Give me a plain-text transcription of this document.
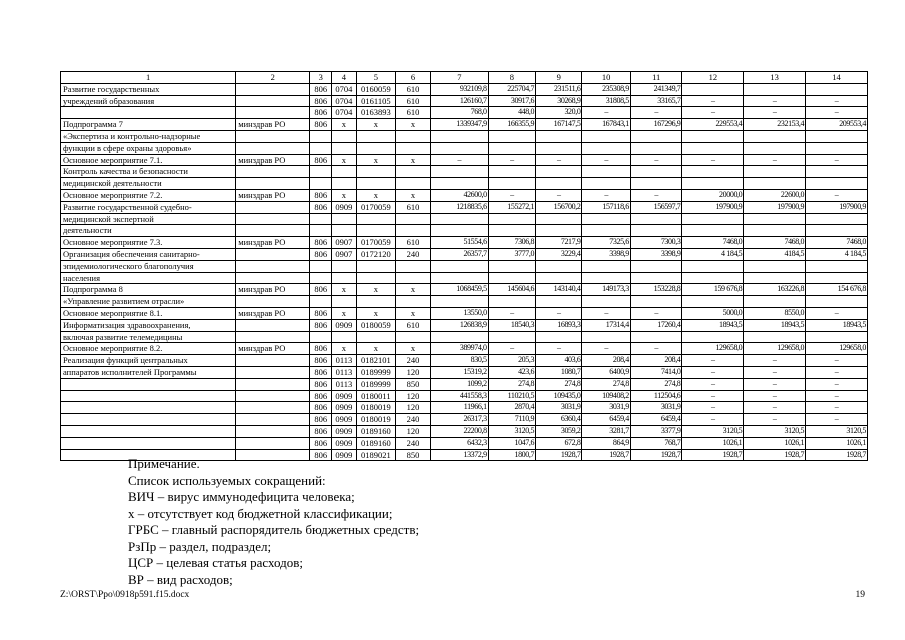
1	2	3	4	5	6	7	8	9	10	11	12	13	14
Развитие государственных		806	0704	0160059	610	932109,8	225704,7	231511,6	235308,9	241349,7			
учреждений образования		806	0704	0161105	610	126160,7	30917,6	30268,9	31808,5	33165,7	–	–	–
		806	0704	0163893	610	768,0	448,0	320,0	–	–	–	–	–
Подпрограмма 7	минздрав РО	806	х	х	х	1339347,9	166355,9	167147,5	167843,1	167296,9	229553,4	232153,4	209553,4
«Экспертиза и контрольно-надзорные													
функции в сфере охраны здоровья»													
Основное мероприятие 7.1.	минздрав РО	806	х	х	х	–	–	–	–	–	–	–	–
Контроль качества и безопасности													
медицинской деятельности													
Основное мероприятие 7.2.	минздрав РО	806	х	х	х	42600,0	–	–	–	–	20000,0	22600,0	–
Развитие государственной судебно-		806	0909	0170059	610	1218835,6	155272,1	156700,2	157118,6	156597,7	197900,9	197900,9	197900,9
медицинской экспертной													
деятельности													
Основное мероприятие 7.3.	минздрав РО	806	0907	0170059	610	51554,6	7306,8	7217,9	7325,6	7300,3	7468,0	7468,0	7468,0
Организация обеспечения санитарно-		806	0907	0172120	240	26357,7	3777,0	3229,4	3398,9	3398,9	4 184,5	4184,5	4 184,5
эпидемиологического благополучия													
населения													
Подпрограмма 8	минздрав РО	806	х	х	х	1068459,5	145604,6	143140,4	149173,3	153228,8	159 676,8	163226,8	154 676,8
«Управление развитием отрасли»													
Основное мероприятие 8.1.	минздрав РО	806	х	х	х	13550,0	–	–	–	–	5000,0	8550,0	–
Информатизация здравоохранения,		806	0909	0180059	610	126838,9	18540,3	16893,3	17314,4	17260,4	18943,5	18943,5	18943,5
включая развитие телемедицины													
Основное мероприятие 8.2.	минздрав РО	806	х	х	х	389974,0	–	–	–	–	129658,0	129658,0	129658,0
Реализация функций центральных		806	0113	0182101	240	830,5	205,3	403,6	208,4	208,4	–	–	–
аппаратов исполнителей Программы		806	0113	0189999	120	15319,2	423,6	1080,7	6400,9	7414,0	–	–	–
		806	0113	0189999	850	1099,2	274,8	274,8	274,8	274,8	–	–	–
		806	0909	0180011	120	441558,3	110210,5	109435,0	109408,2	112504,6	–	–	–
		806	0909	0180019	120	11966,1	2870,4	3031,9	3031,9	3031,9	–	–	–
		806	0909	0180019	240	26317,3	7110,9	6360,4	6459,4	6459,4	–	–	–
		806	0909	0189160	120	22200,8	3120,5	3059,2	3281,7	3377,9	3120,5	3120,5	3120,5
		806	0909	0189160	240	6432,3	1047,6	672,8	864,9	768,7	1026,1	1026,1	1026,1
		806	0909	0189021	850	13372,9	1800,7	1928,7	1928,7	1928,7	1928,7	1928,7	1928,7
Примечание.
Список используемых сокращений:
ВИЧ – вирус иммунодефицита человека;
х – отсутствует код бюджетной классификации;
ГРБС – главный распорядитель бюджетных средств;
РзПр – раздел, подраздел;
ЦСР – целевая статья расходов;
ВР – вид расходов;
Z:\ORST\Ppo\0918p591.f15.docx	19
